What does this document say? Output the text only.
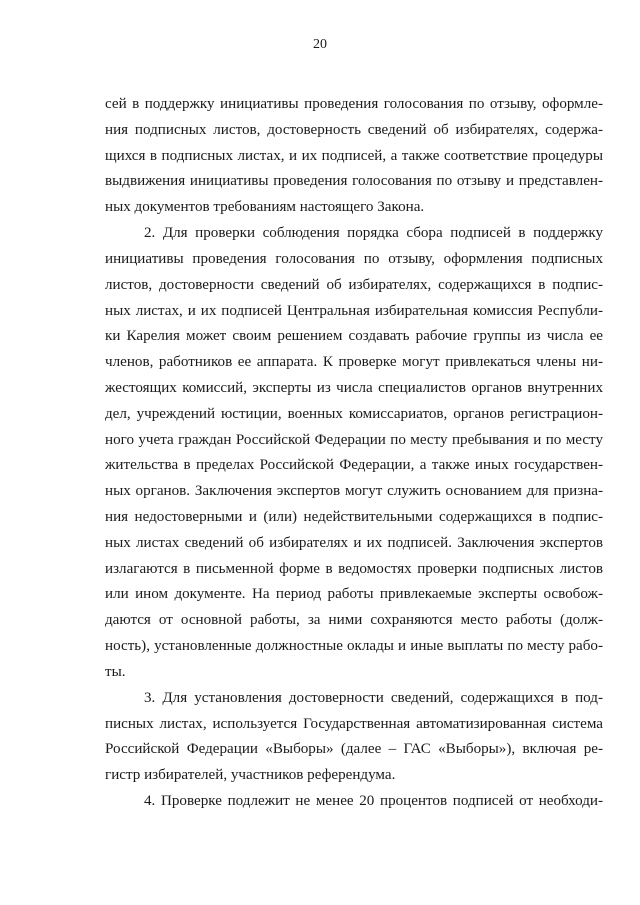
20
сей в поддержку инициативы проведения голосования по отзыву, оформле-
ния подписных листов, достоверность сведений об избирателях, содержа-
щихся в подписных листах, и их подписей, а также соответствие процедуры
выдвижения инициативы проведения голосования по отзыву и представлен-
ных документов требованиям настоящего Закона.
2. Для проверки соблюдения порядка сбора подписей в поддержку
инициативы проведения голосования по отзыву, оформления подписных
листов, достоверности сведений об избирателях, содержащихся в подпис-
ных листах, и их подписей Центральная избирательная комиссия Республи-
ки Карелия может своим решением создавать рабочие группы из числа ее
членов, работников ее аппарата. К проверке могут привлекаться члены ни-
жестоящих комиссий, эксперты из числа специалистов органов внутренних
дел, учреждений юстиции, военных комиссариатов, органов регистрацион-
ного учета граждан Российской Федерации по месту пребывания и по месту
жительства в пределах Российской Федерации, а также иных государствен-
ных органов. Заключения экспертов могут служить основанием для призна-
ния недостоверными и (или) недействительными содержащихся в подпис-
ных листах сведений об избирателях и их подписей. Заключения экспертов
излагаются в письменной форме в ведомостях проверки подписных листов
или ином документе. На период работы привлекаемые эксперты освобож-
даются от основной работы, за ними сохраняются место работы (долж-
ность), установленные должностные оклады и иные выплаты по месту рабо-
ты.
3. Для установления достоверности сведений, содержащихся в под-
писных листах, используется Государственная автоматизированная система
Российской Федерации «Выборы» (далее – ГАС «Выборы»), включая ре-
гистр избирателей, участников референдума.
4. Проверке подлежит не менее 20 процентов подписей от необходи-
